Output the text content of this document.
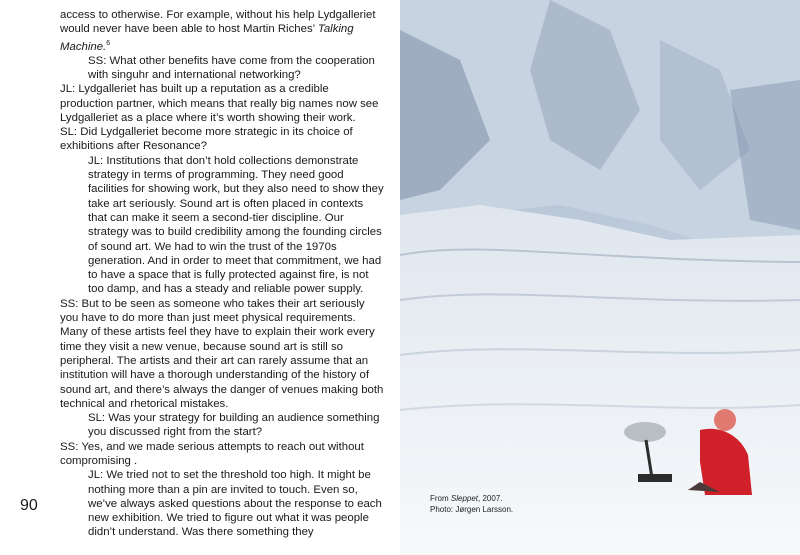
access to otherwise. For example, without his help Lydgalleriet would never have been able to host Martin Riches’ Talking Machine.$^6$

SS: What other benefits have come from the cooperation with singuhr and international networking?

JL: Lydgalleriet has built up a reputation as a credible production partner, which means that really big names now see Lydgalleriet as a place where it’s worth showing their work.

SL: Did Lydgalleriet become more strategic in its choice of exhibitions after Resonance?

JL: Institutions that don’t hold collections demonstrate strategy in terms of programming. They need good facilities for showing work, but they also need to show they take art seriously. Sound art is often placed in contexts that can make it seem a second-tier discipline. Our strategy was to build credibility among the founding circles of sound art. We had to win the trust of the 1970s generation. And in order to meet that commitment, we had to have a space that is fully protected against fire, is not too damp, and has a steady and reliable power supply.

SS: But to be seen as someone who takes their art seriously you have to do more than just meet physical requirements. Many of these artists feel they have to explain their work every time they visit a new venue, because sound art is still so peripheral. The artists and their art can rarely assume that an institution will have a thorough understanding of the history of sound art, and there’s always the danger of venues making both technical and rhetorical mistakes.

SL: Was your strategy for building an audience something you discussed right from the start?

SS: Yes, and we made serious attempts to reach out without compromising .

JL: We tried not to set the threshold too high. It might be nothing more than a pin are invited to touch. Even so, we’ve always asked questions about the response to each new exhibition. We tried to figure out what it was people didn’t understand. Was there something they

90	From Sleppet, 2007.
Photo: Jørgen Larsson.
